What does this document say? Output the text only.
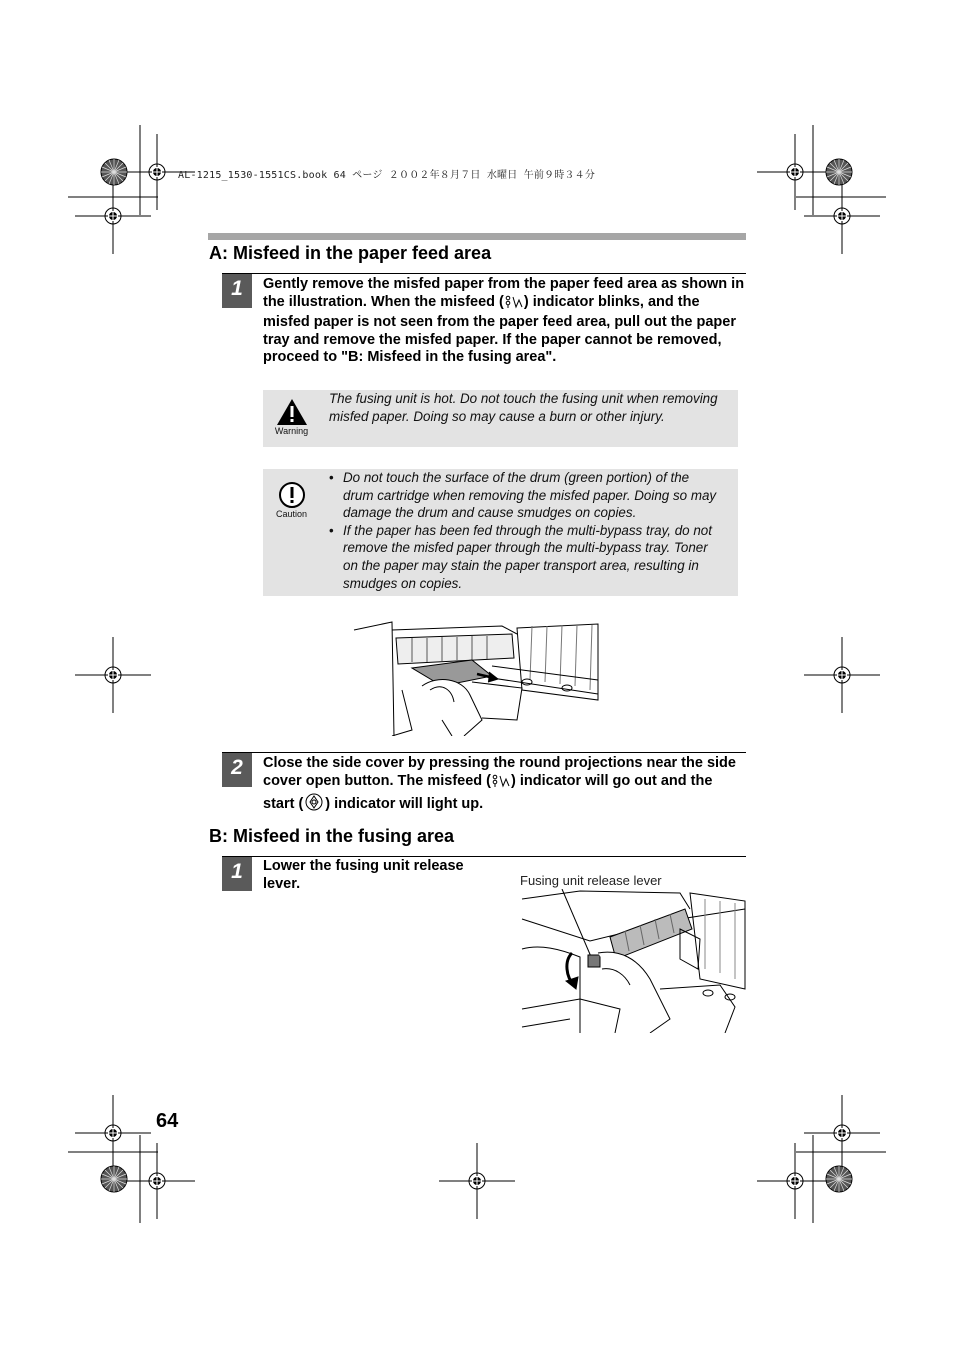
AL-1215_1530-1551CS.book 64 ページ ２００２年８月７日 水曜日 午前９時３４分
A: Misfeed in the paper feed area
1	Gently remove the misfed paper from the paper feed area as shown in the illustration. When the misfeed ( ) indicator blinks, and the misfed paper is not seen from the paper feed area, pull out the paper tray and remove the misfed paper. If the paper cannot be removed, proceed to "B: Misfeed in the fusing area".
Warning
The fusing unit is hot. Do not touch the fusing unit when removing misfed paper. Doing so may cause a burn or other injury.
Caution
• Do not touch the surface of the drum (green portion) of the drum cartridge when removing the misfed paper. Doing so may damage the drum and cause smudges on copies.
• If the paper has been fed through the multi-bypass tray, do not remove the misfed paper through the multi-bypass tray. Toner on the paper may stain the paper transport area, resulting in smudges on copies.
2	Close the side cover by pressing the round projections near the side cover open button. The misfeed ( ) indicator will go out and the start ( ) indicator will light up.
B: Misfeed in the fusing area
1	Lower the fusing unit release lever.	Fusing unit release lever
64
